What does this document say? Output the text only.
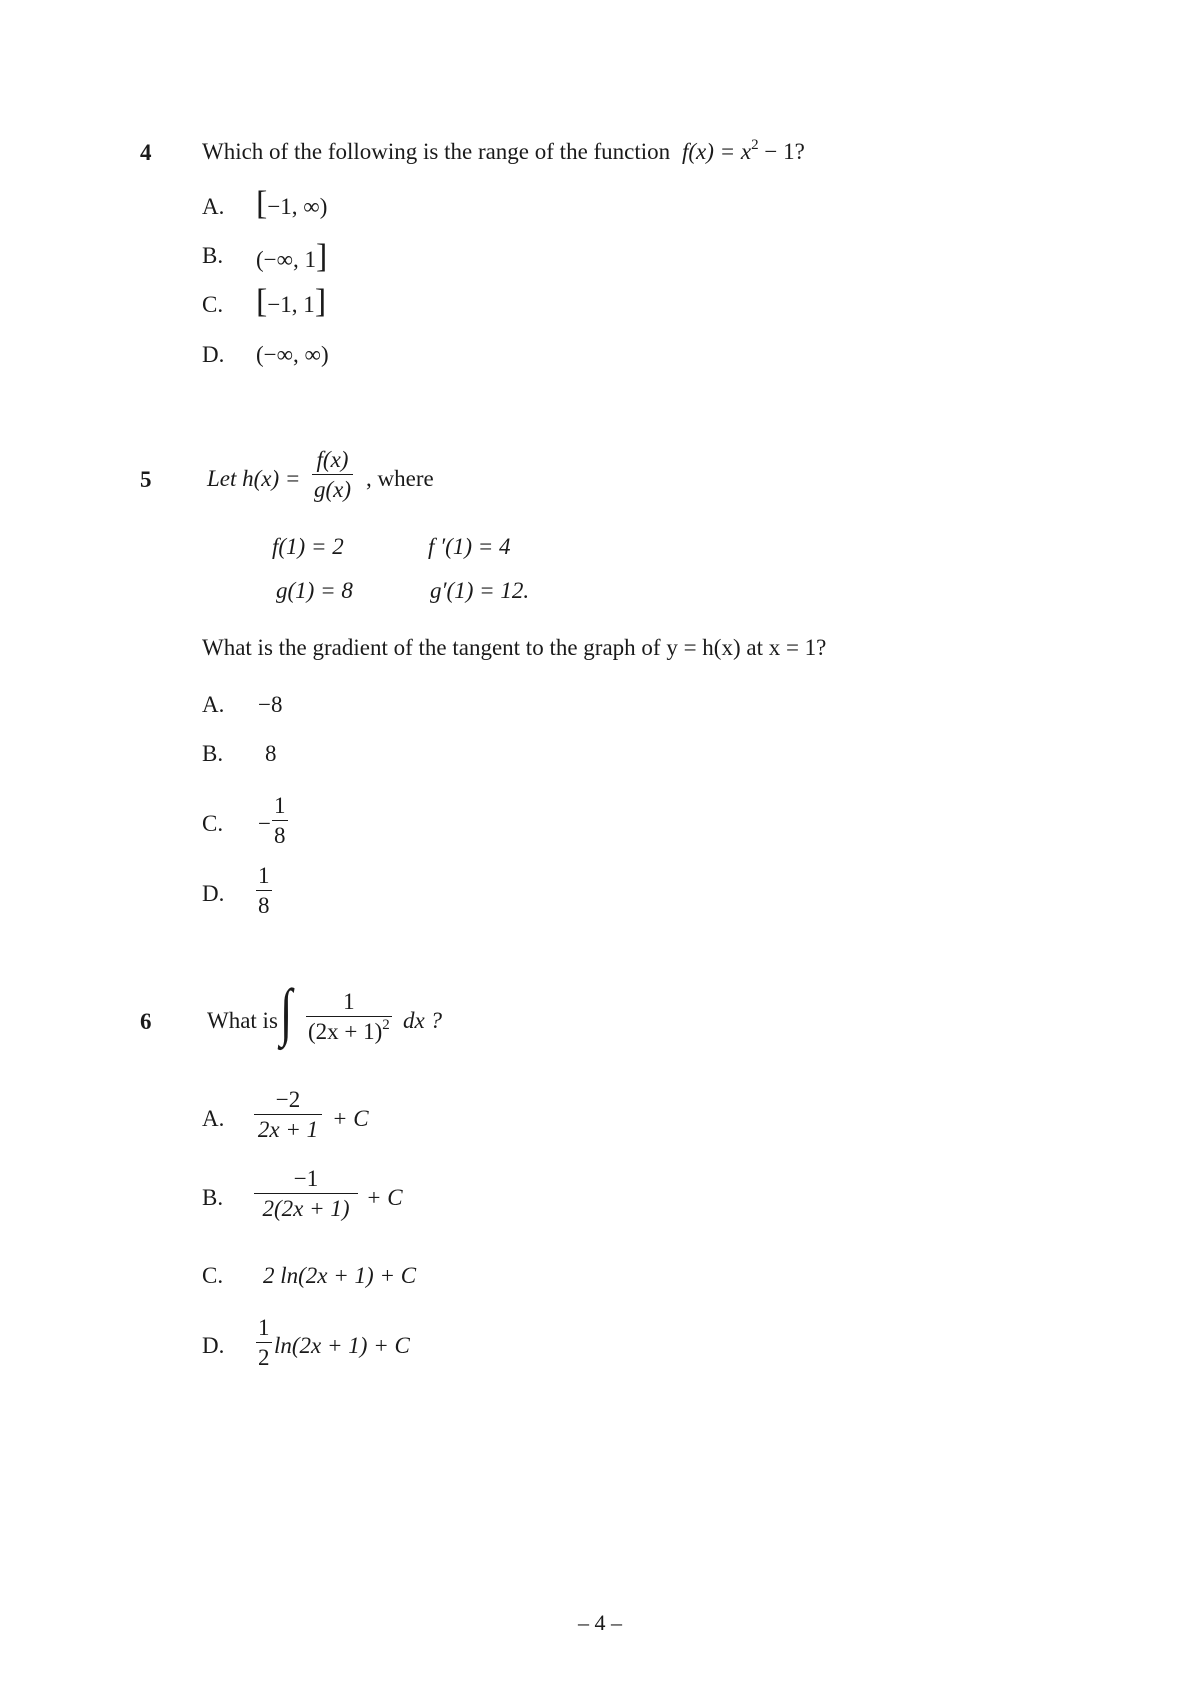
4 Which of the following is the range of the function $f(x) = x^2 - 1$?
A. [−1, ∞)
B. (−∞, 1]
C. [−1, 1]
D. (−∞, ∞)
5 Let h(x) =
f(x)
g(x) , where
f(1) = 2	f ′(1) = 4
g(1) = 8	g′(1) = 12.
What is the gradient of the tangent to the graph of y = h(x) at x = 1?
A. −8
B. 8
C. −
1
8
D.
1
8
6 What is ∫	1
$(2x + 1)^2$ dx ?
A.
−2
2x + 1 + C
B.
−1
2(2x + 1) + C
C. 2 ln(2x + 1) + C
D.
1
2 ln(2x + 1) + C
– 4 –
